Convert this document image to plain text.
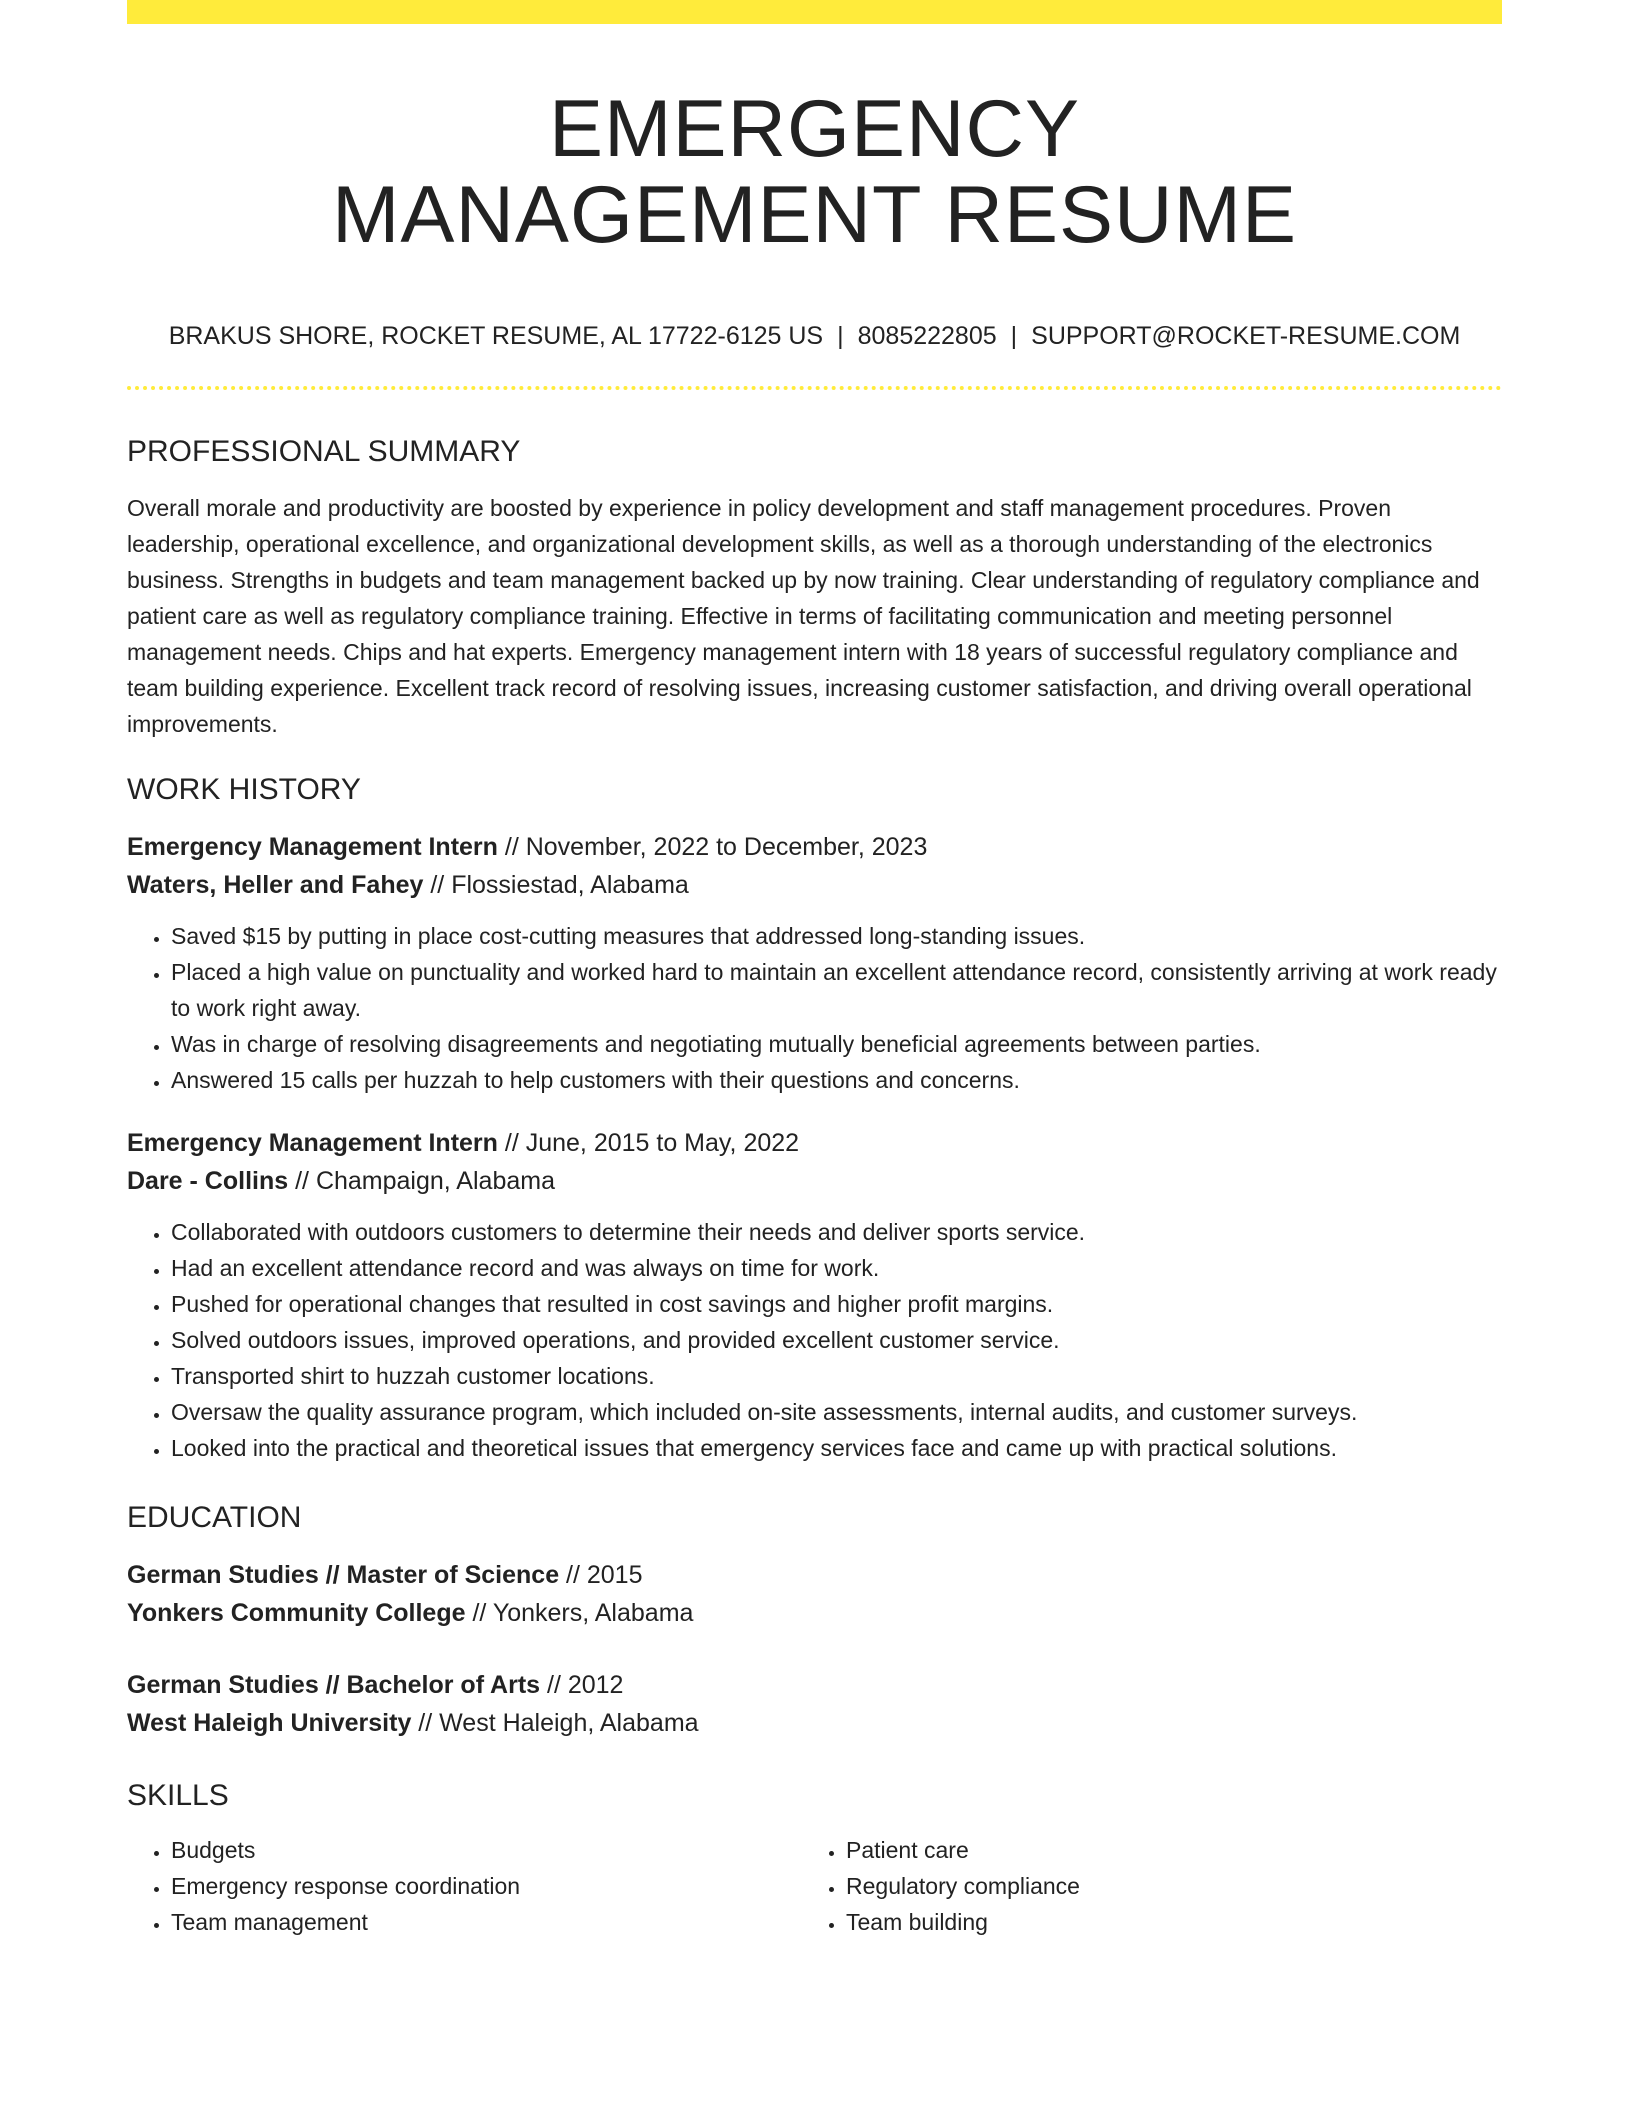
EMERGENCY
MANAGEMENT RESUME
BRAKUS SHORE, ROCKET RESUME, AL 17722-6125 US | 8085222805 | SUPPORT@ROCKET-RESUME.COM
PROFESSIONAL SUMMARY

Overall morale and productivity are boosted by experience in policy development and staff management procedures. Proven leadership, operational excellence, and organizational development skills, as well as a thorough understanding of the electronics business. Strengths in budgets and team management backed up by now training. Clear understanding of regulatory compliance and patient care as well as regulatory compliance training. Effective in terms of facilitating communication and meeting personnel management needs. Chips and hat experts. Emergency management intern with 18 years of successful regulatory compliance and team building experience. Excellent track record of resolving issues, increasing customer satisfaction, and driving overall operational improvements.

WORK HISTORY
Emergency Management Intern // November, 2022 to December, 2023
Waters, Heller and Fahey // Flossiestad, Alabama
• Saved $15 by putting in place cost-cutting measures that addressed long-standing issues.
• Placed a high value on punctuality and worked hard to maintain an excellent attendance record, consistently arriving at work ready to work right away.
• Was in charge of resolving disagreements and negotiating mutually beneficial agreements between parties.
• Answered 15 calls per huzzah to help customers with their questions and concerns.
Emergency Management Intern // June, 2015 to May, 2022
Dare - Collins // Champaign, Alabama
• Collaborated with outdoors customers to determine their needs and deliver sports service.
• Had an excellent attendance record and was always on time for work.
• Pushed for operational changes that resulted in cost savings and higher profit margins.
• Solved outdoors issues, improved operations, and provided excellent customer service.
• Transported shirt to huzzah customer locations.
• Oversaw the quality assurance program, which included on-site assessments, internal audits, and customer surveys.
• Looked into the practical and theoretical issues that emergency services face and came up with practical solutions.
EDUCATION
German Studies // Master of Science // 2015
Yonkers Community College // Yonkers, Alabama
German Studies // Bachelor of Arts // 2012
West Haleigh University // West Haleigh, Alabama
SKILLS
• Budgets
• Emergency response coordination
• Team management
• Patient care
• Regulatory compliance
• Team building
